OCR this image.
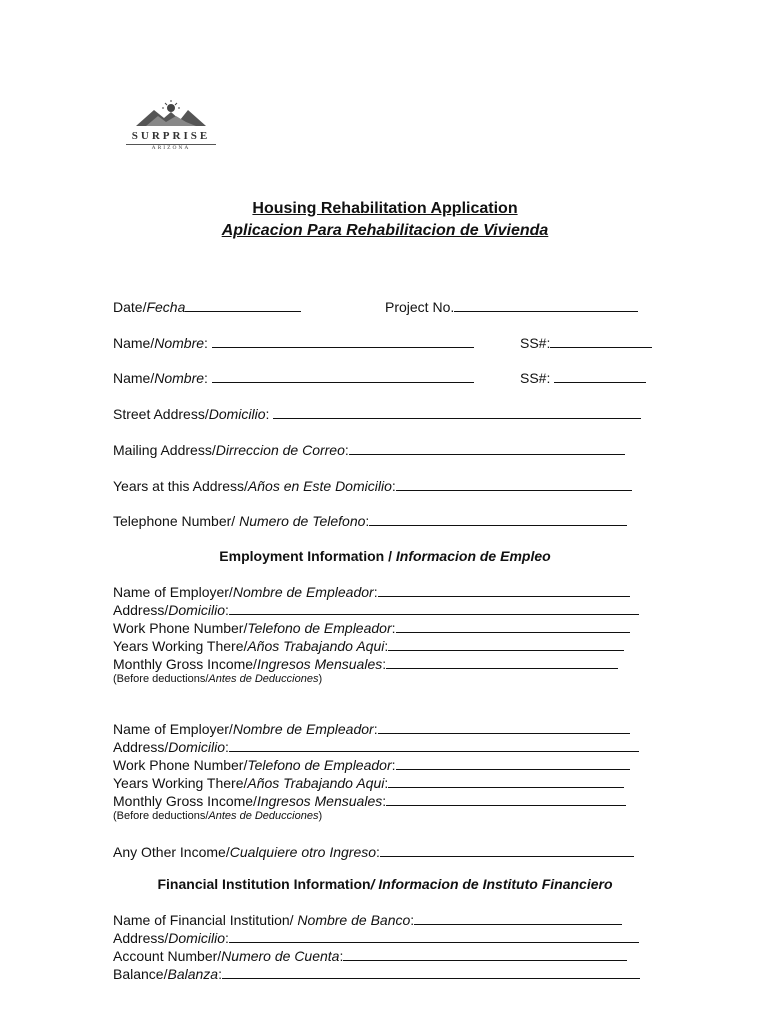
SURPRISE
ARIZONA
Housing Rehabilitation Application
Aplicacion Para Rehabilitacion de Vivienda
Date/Fecha	Project No.
Name/Nombre:	SS#:
Name/Nombre:	SS#:
Street Address/Domicilio:
Mailing Address/Dirreccion de Correo:
Years at this Address/Años en Este Domicilio:
Telephone Number/ Numero de Telefono:
Employment Information / Informacion de Empleo
Name of Employer/Nombre de Empleador:
Address/Domicilio:
Work Phone Number/Telefono de Empleador:
Years Working There/Años Trabajando Aqui:
Monthly Gross Income/Ingresos Mensuales:
(Before deductions/Antes de Deducciones)
Name of Employer/Nombre de Empleador:
Address/Domicilio:
Work Phone Number/Telefono de Empleador:
Years Working There/Años Trabajando Aqui:
Monthly Gross Income/Ingresos Mensuales:
(Before deductions/Antes de Deducciones)
Any Other Income/Cualquiere otro Ingreso:
Financial Institution Information/ Informacion de Instituto Financiero
Name of Financial Institution/ Nombre de Banco:
Address/Domicilio:
Account Number/Numero de Cuenta:
Balance/Balanza:
